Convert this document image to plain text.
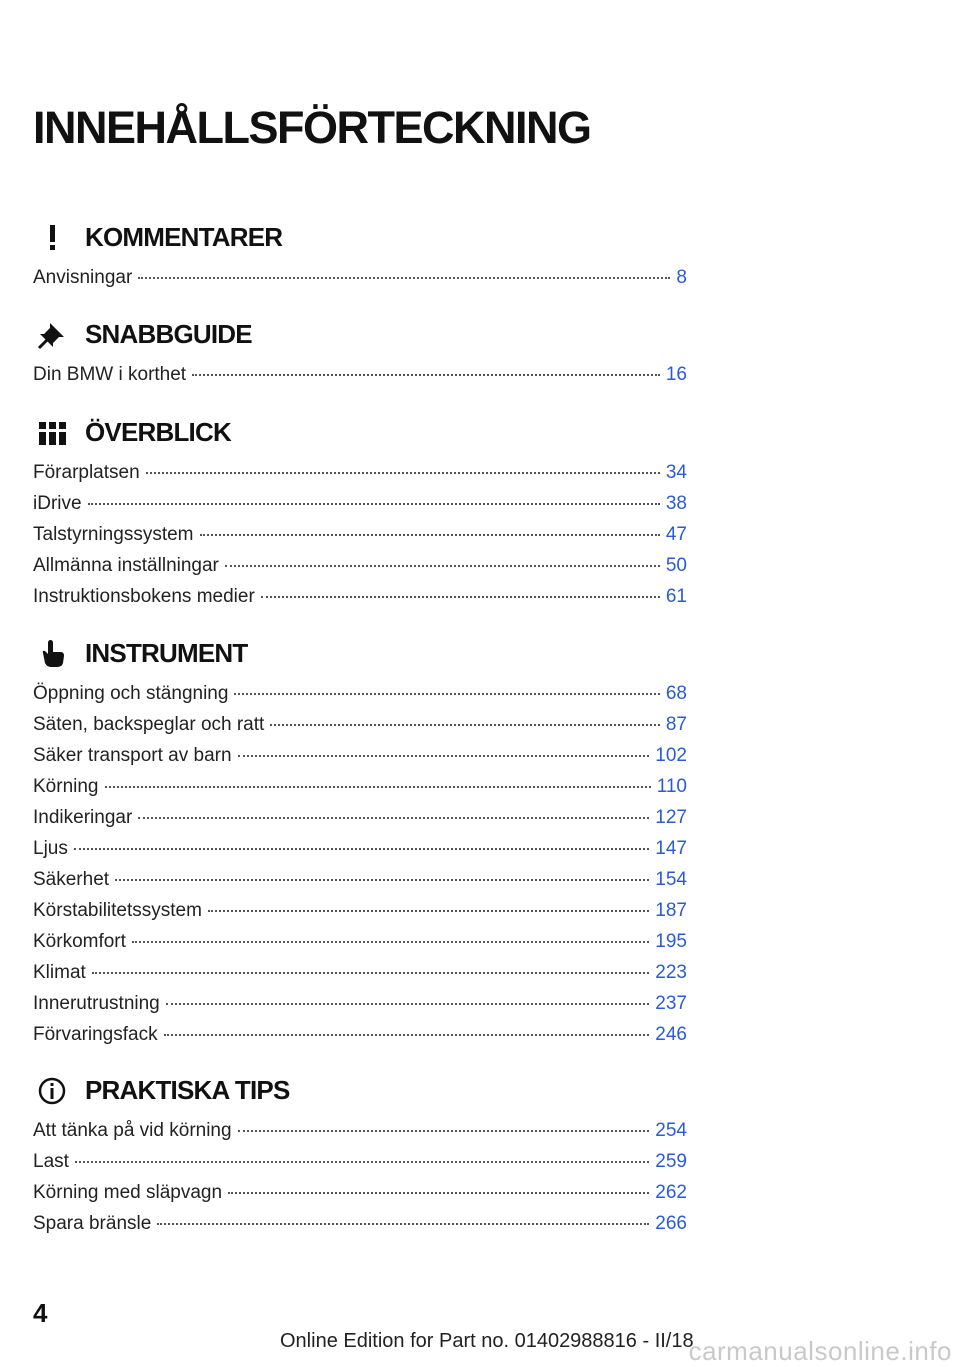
INNEHÅLLSFÖRTECKNING
KOMMENTARER
Anvisningar	8
SNABBGUIDE
Din BMW i korthet	16
ÖVERBLICK
Förarplatsen	34
iDrive	38
Talstyrningssystem	47
Allmänna inställningar	50
Instruktionsbokens medier	61
INSTRUMENT
Öppning och stängning	68
Säten, backspeglar och ratt	87
Säker transport av barn	102
Körning	110
Indikeringar	127
Ljus	147
Säkerhet	154
Körstabilitetssystem	187
Körkomfort	195
Klimat	223
Innerutrustning	237
Förvaringsfack	246
PRAKTISKA TIPS
Att tänka på vid körning	254
Last	259
Körning med släpvagn	262
Spara bränsle	266
4
Online Edition for Part no. 01402988816 - II/18
carmanualsonline.info
